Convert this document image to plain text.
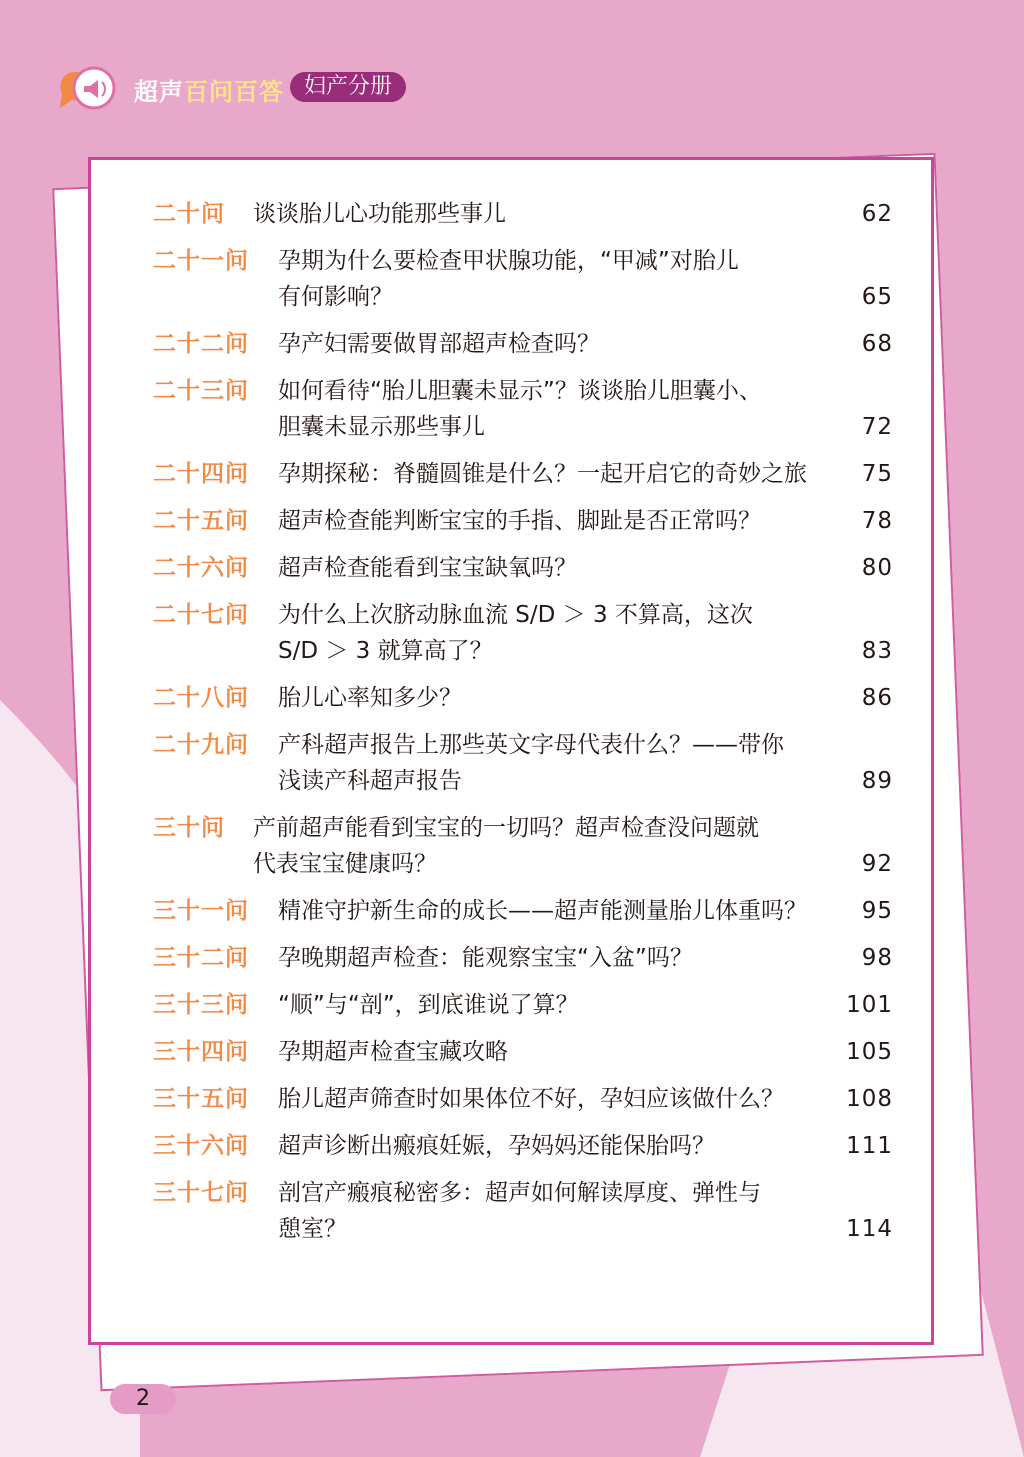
超声百问百答 妇产分册
二十问 谈谈胎儿心功能那些事儿	62
二十一问 孕期为什么要检查甲状腺功能，“甲减”对胎儿
有何影响？	65
二十二问 孕产妇需要做胃部超声检查吗？	68
二十三问 如何看待“胎儿胆囊未显示”？谈谈胎儿胆囊小、
胆囊未显示那些事儿	72
二十四问 孕期探秘：脊髓圆锥是什么？一起开启它的奇妙之旅	75
二十五问 超声检查能判断宝宝的手指、脚趾是否正常吗？	78
二十六问 超声检查能看到宝宝缺氧吗？	80
二十七问 为什么上次脐动脉血流 S/D ＞ 3 不算高，这次
S/D ＞ 3 就算高了？	83
二十八问 胎儿心率知多少？	86
二十九问 产科超声报告上那些英文字母代表什么？——带你
浅读产科超声报告	89
三十问 产前超声能看到宝宝的一切吗？超声检查没问题就
代表宝宝健康吗？	92
三十一问 精准守护新生命的成长——超声能测量胎儿体重吗？	95
三十二问 孕晚期超声检查：能观察宝宝“入盆”吗？	98
三十三问 “顺”与“剖”，到底谁说了算？	101
三十四问 孕期超声检查宝藏攻略	105
三十五问 胎儿超声筛查时如果体位不好，孕妇应该做什么？	108
三十六问 超声诊断出瘢痕妊娠，孕妈妈还能保胎吗？	111
三十七问 剖宫产瘢痕秘密多：超声如何解读厚度、弹性与
憩室？	114
2
